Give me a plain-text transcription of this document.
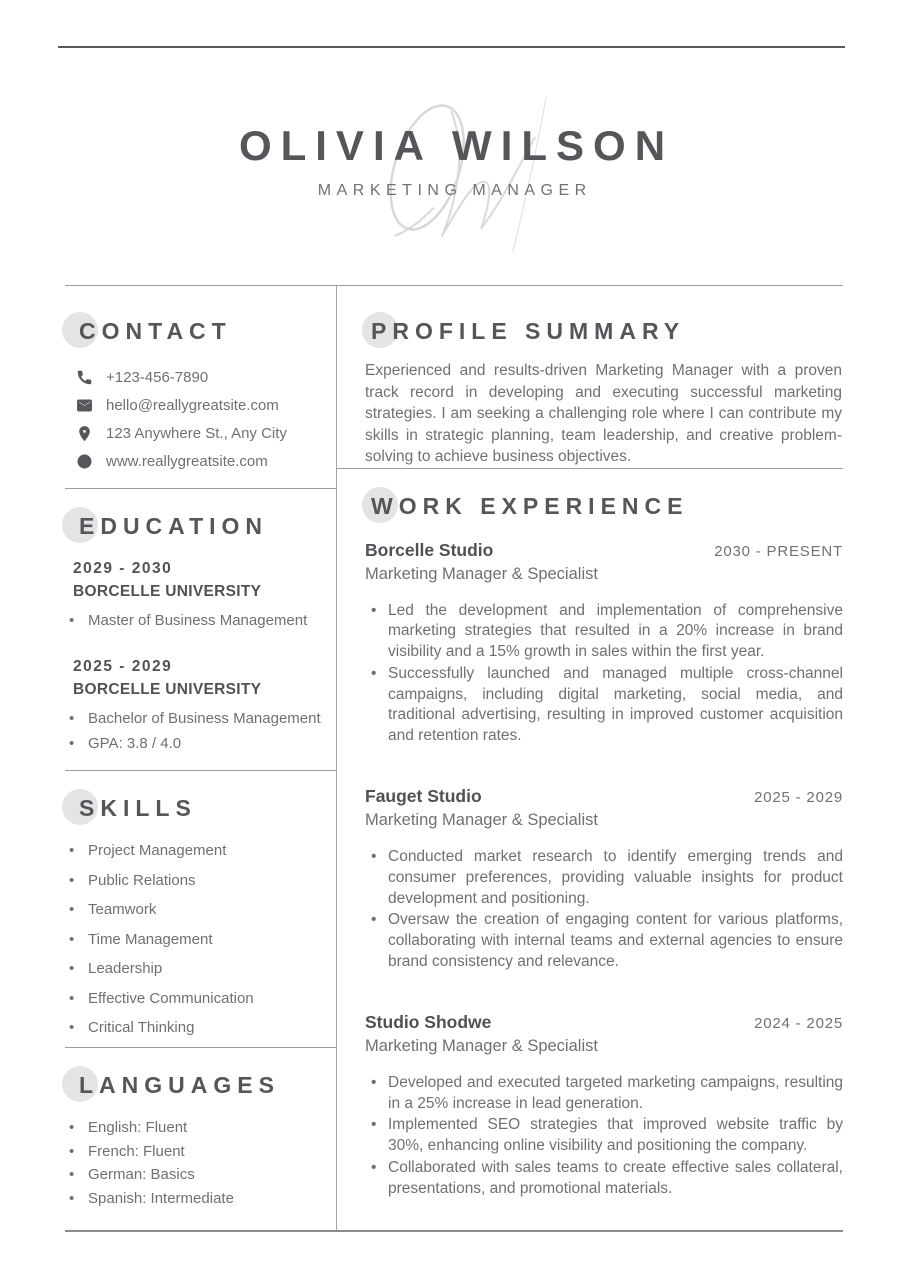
OLIVIA WILSON
MARKETING MANAGER
CONTACT
+123-456-7890
hello@reallygreatsite.com
123 Anywhere St., Any City
www.reallygreatsite.com
EDUCATION
2029 - 2030
BORCELLE UNIVERSITY
• Master of Business Management
2025 - 2029
BORCELLE UNIVERSITY
• Bachelor of Business Management
• GPA: 3.8 / 4.0
SKILLS
• Project Management
• Public Relations
• Teamwork
• Time Management
• Leadership
• Effective Communication
• Critical Thinking
LANGUAGES
• English: Fluent
• French: Fluent
• German: Basics
• Spanish: Intermediate
PROFILE SUMMARY

Experienced and results-driven Marketing Manager with a proven track record in developing and executing successful marketing strategies. I am seeking a challenging role where I can contribute my skills in strategic planning, team leadership, and creative problem-solving to achieve business objectives.

WORK EXPERIENCE
Borcelle Studio	2030 - PRESENT
Marketing Manager & Specialist
• Led the development and implementation of comprehensive marketing strategies that resulted in a 20% increase in brand visibility and a 15% growth in sales within the first year.
• Successfully launched and managed multiple cross-channel campaigns, including digital marketing, social media, and traditional advertising, resulting in improved customer acquisition and retention rates.
Fauget Studio	2025 - 2029
Marketing Manager & Specialist
• Conducted market research to identify emerging trends and consumer preferences, providing valuable insights for product development and positioning.
• Oversaw the creation of engaging content for various platforms, collaborating with internal teams and external agencies to ensure brand consistency and relevance.
Studio Shodwe	2024 - 2025
Marketing Manager & Specialist
• Developed and executed targeted marketing campaigns, resulting in a 25% increase in lead generation.
• Implemented SEO strategies that improved website traffic by 30%, enhancing online visibility and positioning the company.
• Collaborated with sales teams to create effective sales collateral, presentations, and promotional materials.
